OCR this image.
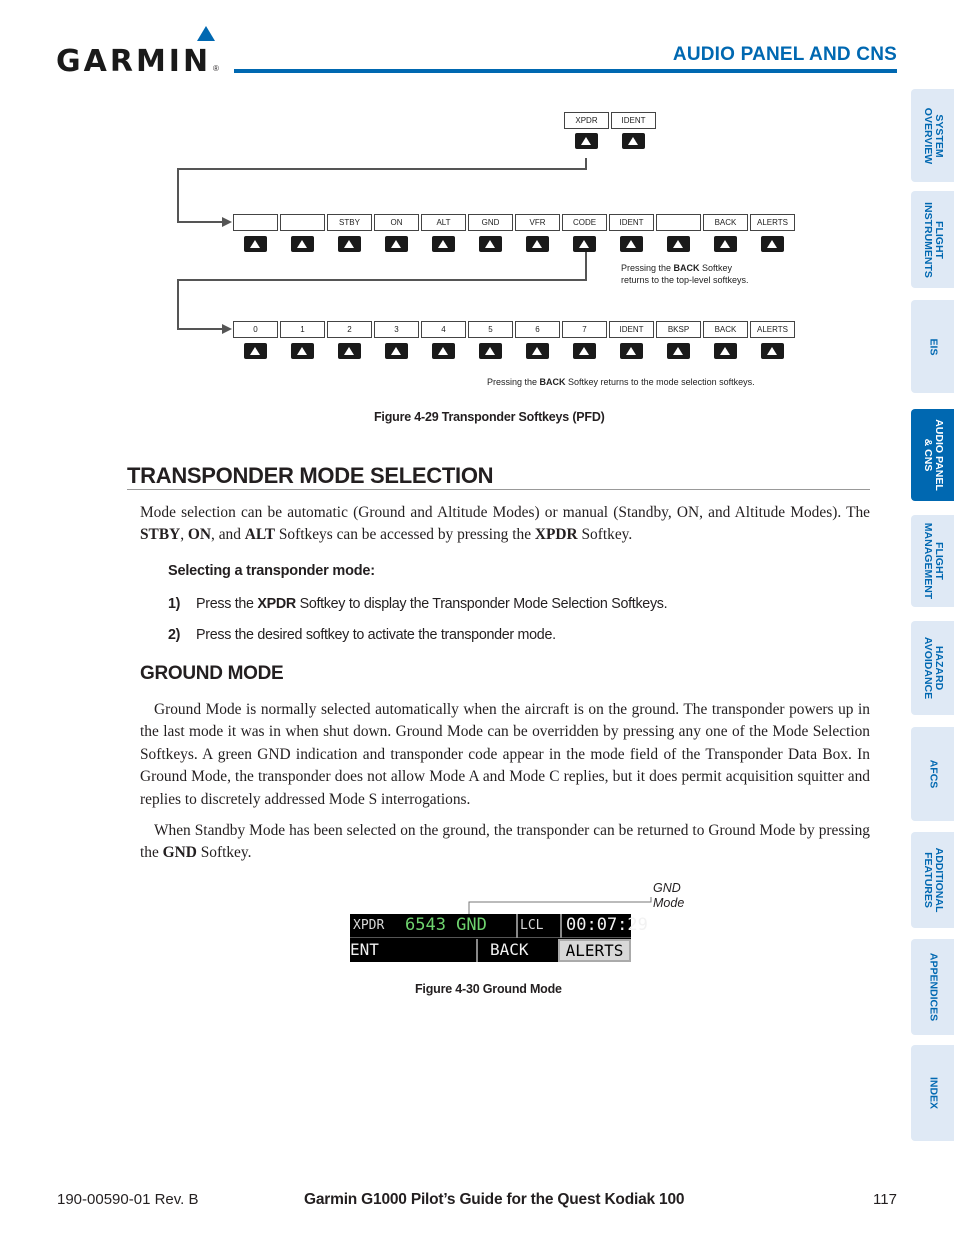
GARMIN ®
AUDIO PANEL AND CNS
SYSTEM
OVERVIEW
FLIGHT
INSTRUMENTS
EIS
AUDIO PANEL
& CNS
FLIGHT
MANAGEMENT
HAZARD
AVOIDANCE
AFCS
ADDITIONAL
FEATURES
APPENDICES
INDEX
XPDR	IDENT
STBY	ON	ALT	GND	VFR	CODE	IDENT	BACK	ALERTS
0	1	2	3	4	5	6	7	IDENT	BKSP	BACK	ALERTS
Pressing the BACK Softkey
returns to the top-level softkeys.
Pressing the BACK Softkey returns to the mode selection softkeys.
Figure 4-29 Transponder Softkeys (PFD)
TRANSPONDER MODE SELECTION
Mode selection can be automatic (Ground and Altitude Modes) or manual (Standby, ON, and Altitude Modes). The STBY, ON, and ALT Softkeys can be accessed by pressing the XPDR Softkey.
Selecting a transponder mode:
1) Press the XPDR Softkey to display the Transponder Mode Selection Softkeys.
2) Press the desired softkey to activate the transponder mode.
GROUND MODE
Ground Mode is normally selected automatically when the aircraft is on the ground. The transponder powers up in the last mode it was in when shut down. Ground Mode can be overridden by pressing any one of the Mode Selection Softkeys. A green GND indication and transponder code appear in the mode field of the Transponder Data Box. In Ground Mode, the transponder does not allow Mode A and Mode C replies, but it does permit acquisition squitter and replies to discretely addressed Mode S interrogations.
When Standby Mode has been selected on the ground, the transponder can be returned to Ground Mode by pressing the GND Softkey.
GND
Mode
XPDR 6543 GND	LCL 00:07:29
ENT	BACK	ALERTS
Figure 4-30 Ground Mode
190-00590-01 Rev. B	Garmin G1000 Pilot’s Guide for the Quest Kodiak 100	117
